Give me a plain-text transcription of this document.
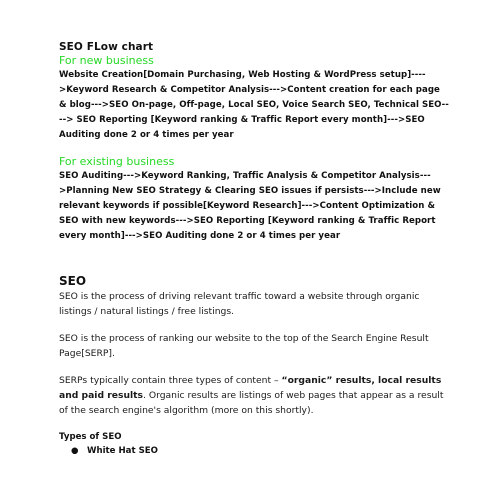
SEO FLow chart

For new business

Website Creation[Domain Purchasing, Web Hosting & WordPress setup]---->Keyword Research & Competitor Analysis--->Content creation for each page & blog--->SEO On-page, Off-page, Local SEO, Voice Search SEO, Technical SEO----> SEO Reporting [Keyword ranking & Traffic Report every month]--->SEO Auditing done 2 or 4 times per year

For existing business

SEO Auditing--->Keyword Ranking, Traffic Analysis & Competitor Analysis--->Planning New SEO Strategy & Clearing SEO issues if persists--->Include new relevant keywords if possible[Keyword Research]--->Content Optimization & SEO with new keywords--->SEO Reporting [Keyword ranking & Traffic Report every month]--->SEO Auditing done 2 or 4 times per year

SEO

SEO is the process of driving relevant traffic toward a website through organic listings / natural listings / free listings.

SEO is the process of ranking our website to the top of the Search Engine Result Page[SERP].

SERPs typically contain three types of content – “organic” results, local results and paid results. Organic results are listings of web pages that appear as a result of the search engine's algorithm (more on this shortly).

Types of SEO

● White Hat SEO
